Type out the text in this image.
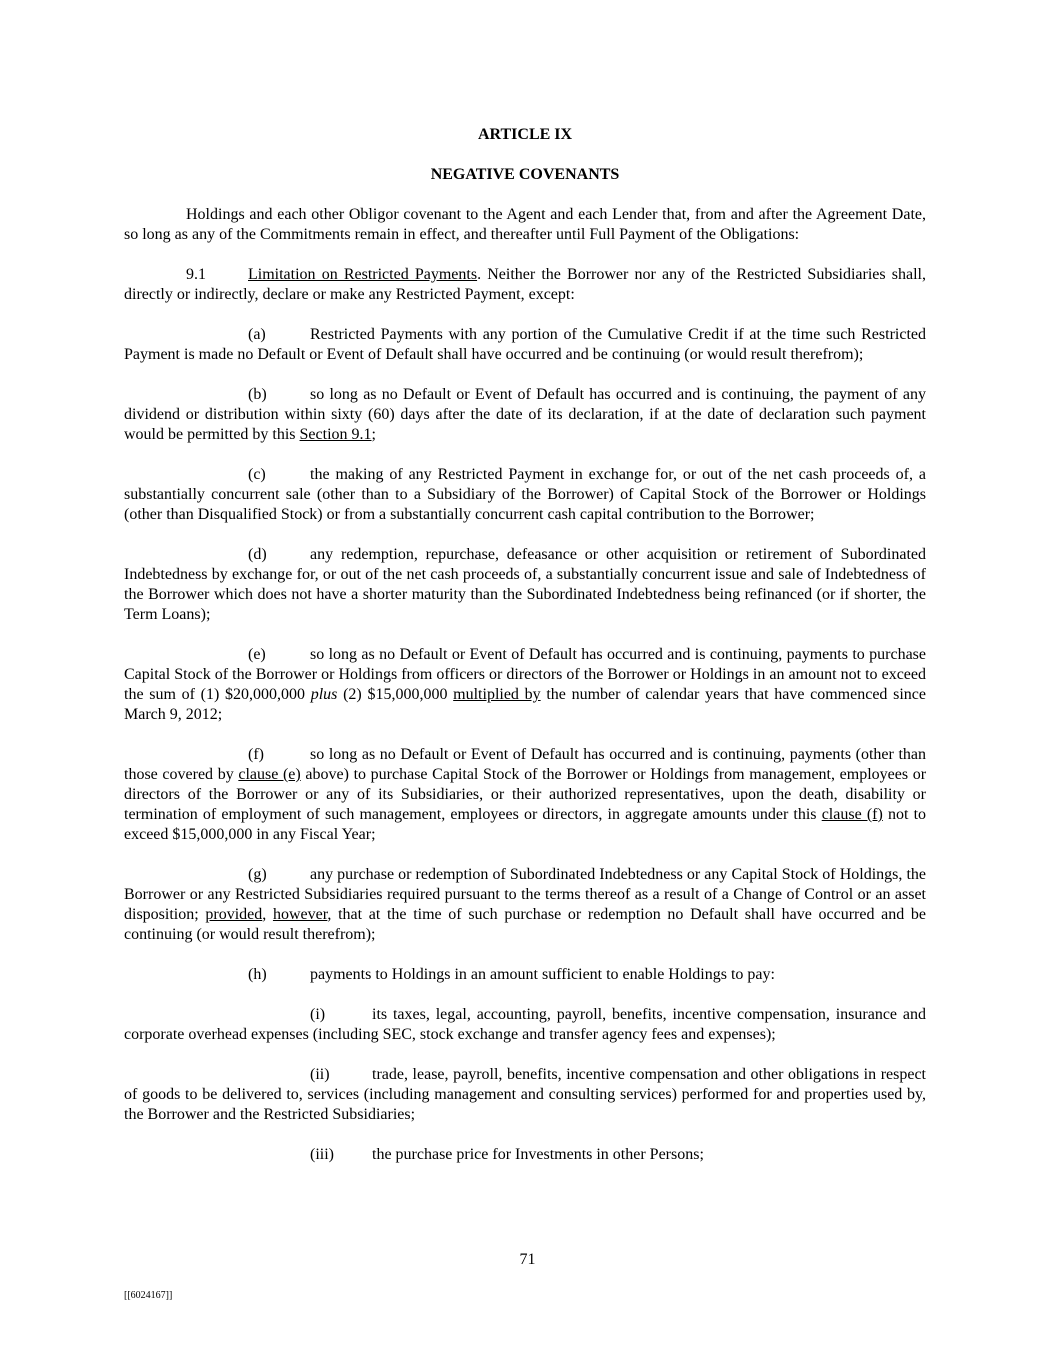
ARTICLE IX

NEGATIVE COVENANTS

Holdings and each other Obligor covenant to the Agent and each Lender that, from and after the Agreement Date, so long as any of the Commitments remain in effect, and thereafter until Full Payment of the Obligations:

9.1	Limitation on Restricted Payments. Neither the Borrower nor any of the Restricted Subsidiaries shall, directly or indirectly, declare or make any Restricted Payment, except:

(a)	Restricted Payments with any portion of the Cumulative Credit if at the time such Restricted Payment is made no Default or Event of Default shall have occurred and be continuing (or would result therefrom);

(b)	so long as no Default or Event of Default has occurred and is continuing, the payment of any dividend or distribution within sixty (60) days after the date of its declaration, if at the date of declaration such payment would be permitted by this Section 9.1;

(c)	the making of any Restricted Payment in exchange for, or out of the net cash proceeds of, a substantially concurrent sale (other than to a Subsidiary of the Borrower) of Capital Stock of the Borrower or Holdings (other than Disqualified Stock) or from a substantially concurrent cash capital contribution to the Borrower;

(d)	any redemption, repurchase, defeasance or other acquisition or retirement of Subordinated Indebtedness by exchange for, or out of the net cash proceeds of, a substantially concurrent issue and sale of Indebtedness of the Borrower which does not have a shorter maturity than the Subordinated Indebtedness being refinanced (or if shorter, the Term Loans);

(e)	so long as no Default or Event of Default has occurred and is continuing, payments to purchase Capital Stock of the Borrower or Holdings from officers or directors of the Borrower or Holdings in an amount not to exceed the sum of (1) $20,000,000 plus (2) $15,000,000 multiplied by the number of calendar years that have commenced since March 9, 2012;

(f)	so long as no Default or Event of Default has occurred and is continuing, payments (other than those covered by clause (e) above) to purchase Capital Stock of the Borrower or Holdings from management, employees or directors of the Borrower or any of its Subsidiaries, or their authorized representatives, upon the death, disability or termination of employment of such management, employees or directors, in aggregate amounts under this clause (f) not to exceed $15,000,000 in any Fiscal Year;

(g)	any purchase or redemption of Subordinated Indebtedness or any Capital Stock of Holdings, the Borrower or any Restricted Subsidiaries required pursuant to the terms thereof as a result of a Change of Control or an asset disposition; provided, however, that at the time of such purchase or redemption no Default shall have occurred and be continuing (or would result therefrom);

(h)	payments to Holdings in an amount sufficient to enable Holdings to pay:

(i)	its taxes, legal, accounting, payroll, benefits, incentive compensation, insurance and corporate overhead expenses (including SEC, stock exchange and transfer agency fees and expenses);

(ii)	trade, lease, payroll, benefits, incentive compensation and other obligations in respect of goods to be delivered to, services (including management and consulting services) performed for and properties used by, the Borrower and the Restricted Subsidiaries;

(iii) the purchase price for Investments in other Persons;

71
[[6024167]]
